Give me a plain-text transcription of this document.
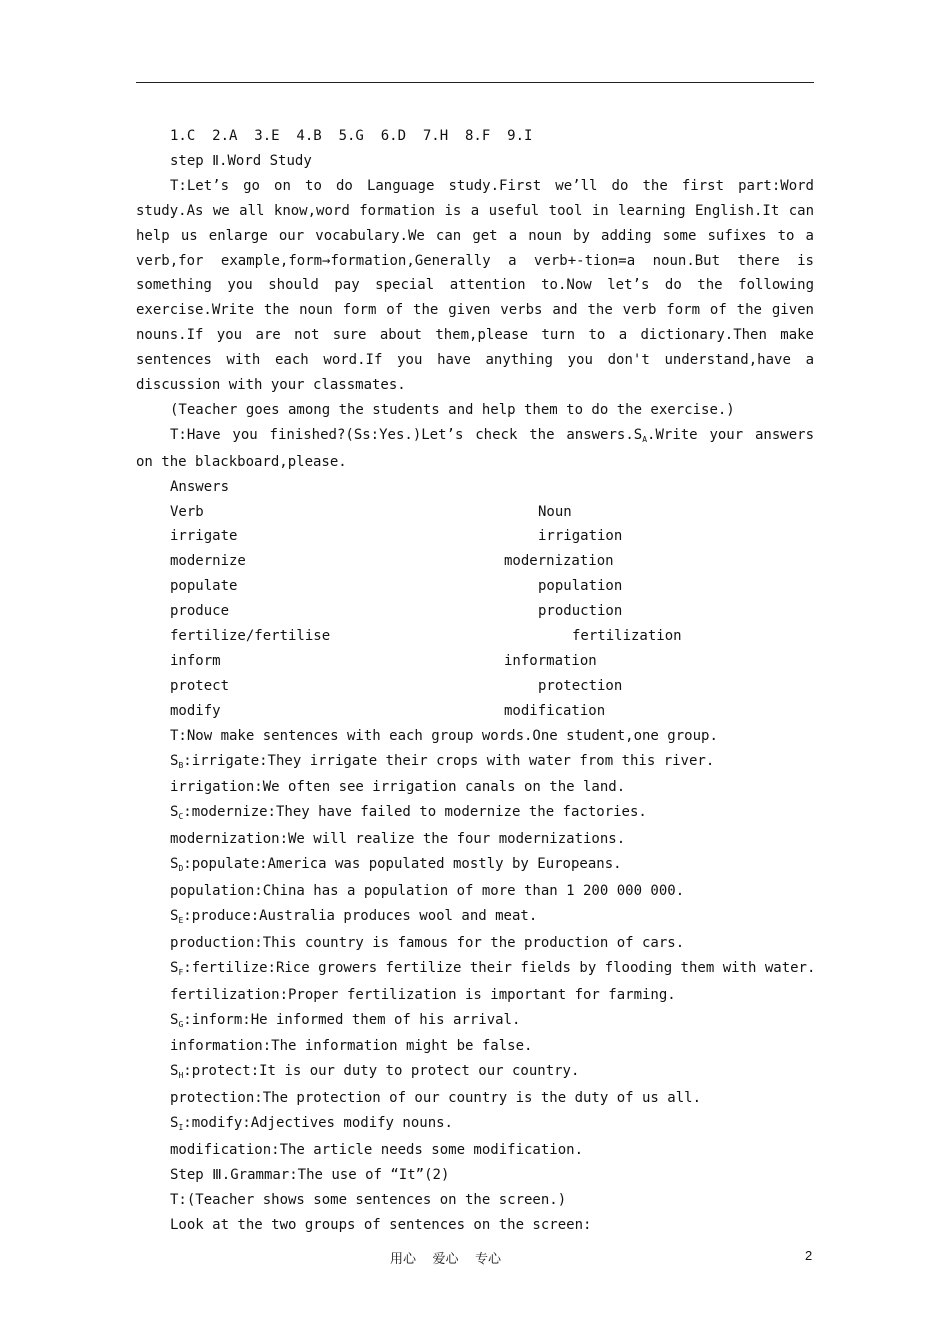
1.C  2.A  3.E  4.B  5.G  6.D  7.H  8.F  9.I
step Ⅱ.Word Study

T:Let’s go on to do Language study.First we’ll do the first part:Word study.As we all know,word formation is a useful tool in learning English.It can help us enlarge our vocabulary.We can get a noun by adding some sufixes to a verb,for example,form→formation,Generally a verb+-tion=a noun.But there is something you should pay special attention to.Now let’s do the following exercise.Write the noun form of the given verbs and the verb form of the given nouns.If you are not sure about them,please turn to a dictionary.Then make sentences with each word.If you have anything you don't understand,have a discussion with your classmates.

(Teacher goes among the students and help them to do the exercise.)

T:Have you finished?(Ss:Yes.)Let’s check the $answers.S_A.Write$ your answers on the blackboard,please.

Answers
Verb	Noun
irrigate	irrigation
modernize	modernization
populate	population
produce	production
fertilize/fertilise	fertilization
inform	information
protect	protection
modify	modification
T:Now make sentences with each group words.One student,one group.
$S_B:irrigate:They$ irrigate their crops with water from this river.
irrigation:We often see irrigation canals on the land.
$S_C:modernize:They$ have failed to modernize the factories.
modernization:We will realize the four modernizations.
$S_D:populate:America$ was populated mostly by Europeans.
population:China has a population of more than 1 200 000 000.
$S_E:produce:Australia$ produces wool and meat.
production:This country is famous for the production of cars.
$S_F:fertilize:Rice$ growers fertilize their fields by flooding them with water.
fertilization:Proper fertilization is important for farming.
$S_G:inform:He$ informed them of his arrival.
information:The information might be false.
$S_H:protect:It$ is our duty to protect our country.
protection:The protection of our country is the duty of us all.
$S_I:modify:Adjectives$ modify nouns.
modification:The article needs some modification.
Step Ⅲ.Grammar:The use of “It”(2)
T:(Teacher shows some sentences on the screen.)
Look at the two groups of sentences on the screen:
用心    爱心    专心	2
